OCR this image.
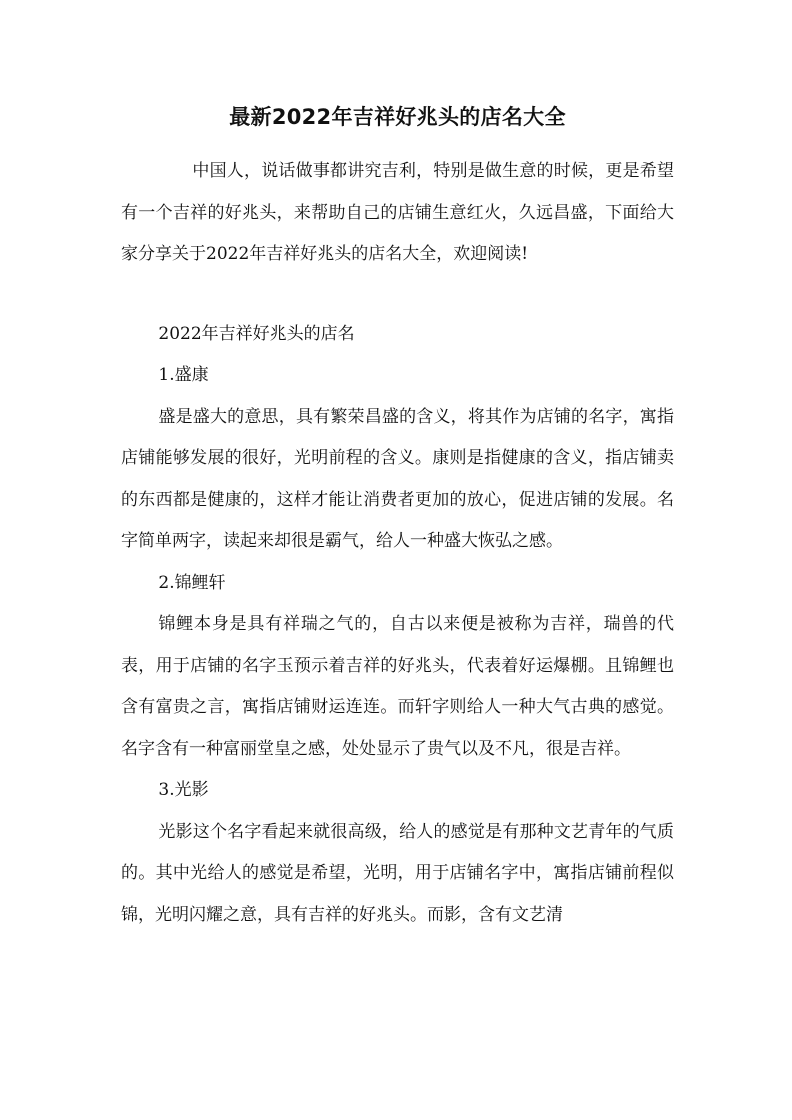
最新2022年吉祥好兆头的店名大全

中国人，说话做事都讲究吉利，特别是做生意的时候，更是希望有一个吉祥的好兆头，来帮助自己的店铺生意红火，久远昌盛，下面给大家分享关于2022年吉祥好兆头的店名大全，欢迎阅读!

2022年吉祥好兆头的店名

1.盛康

盛是盛大的意思，具有繁荣昌盛的含义，将其作为店铺的名字，寓指店铺能够发展的很好，光明前程的含义。康则是指健康的含义，指店铺卖的东西都是健康的，这样才能让消费者更加的放心，促进店铺的发展。名字简单两字，读起来却很是霸气，给人一种盛大恢弘之感。

2.锦鲤轩

锦鲤本身是具有祥瑞之气的，自古以来便是被称为吉祥，瑞兽的代表，用于店铺的名字玉预示着吉祥的好兆头，代表着好运爆棚。且锦鲤也含有富贵之言，寓指店铺财运连连。而轩字则给人一种大气古典的感觉。名字含有一种富丽堂皇之感，处处显示了贵气以及不凡，很是吉祥。

3.光影

光影这个名字看起来就很高级，给人的感觉是有那种文艺青年的气质的。其中光给人的感觉是希望，光明，用于店铺名字中，寓指店铺前程似锦，光明闪耀之意，具有吉祥的好兆头。而影，含有文艺清
